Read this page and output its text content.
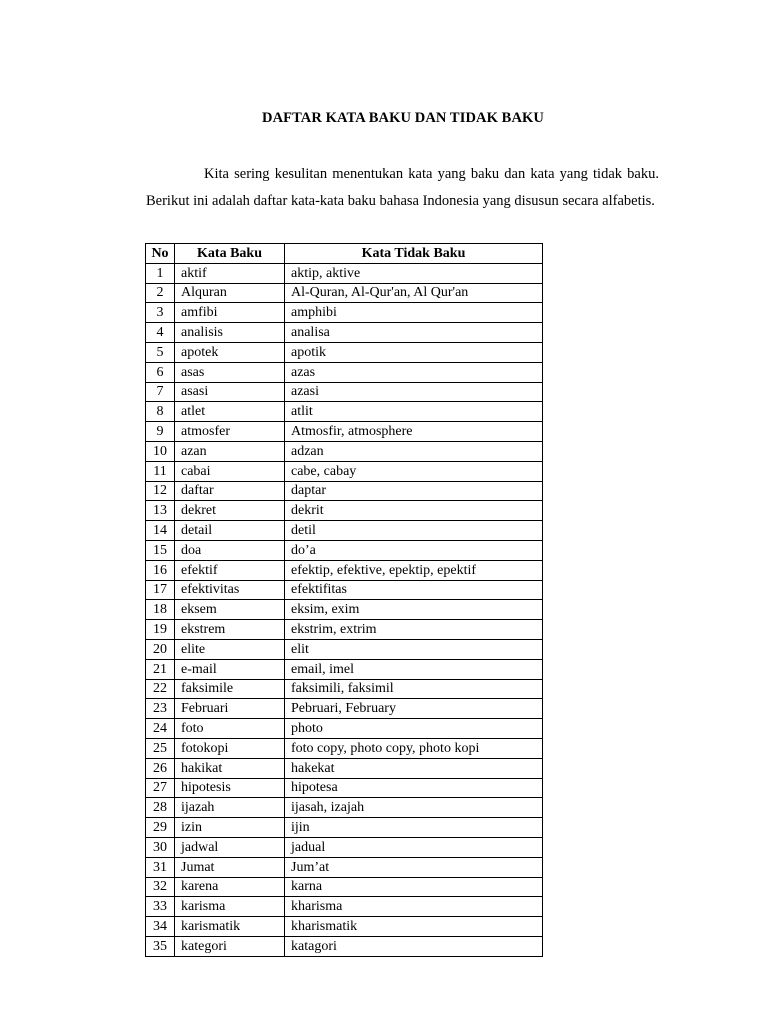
DAFTAR KATA BAKU DAN TIDAK BAKU

Kita sering kesulitan menentukan kata yang baku dan kata yang tidak baku. Berikut ini adalah daftar kata-kata baku bahasa Indonesia yang disusun secara alfabetis.

No	Kata Baku	Kata Tidak Baku
1	aktif	aktip, aktive
2	Alquran	Al-Quran, Al-Qur'an, Al Qur'an
3	amfibi	amphibi
4	analisis	analisa
5	apotek	apotik
6	asas	azas
7	asasi	azasi
8	atlet	atlit
9	atmosfer	Atmosfir, atmosphere
10	azan	adzan
11	cabai	cabe, cabay
12	daftar	daptar
13	dekret	dekrit
14	detail	detil
15	doa	do’a
16	efektif	efektip, efektive, epektip, epektif
17	efektivitas	efektifitas
18	eksem	eksim, exim
19	ekstrem	ekstrim, extrim
20	elite	elit
21	e-mail	email, imel
22	faksimile	faksimili, faksimil
23	Februari	Pebruari, February
24	foto	photo
25	fotokopi	foto copy, photo copy, photo kopi
26	hakikat	hakekat
27	hipotesis	hipotesa
28	ijazah	ijasah, izajah
29	izin	ijin
30	jadwal	jadual
31	Jumat	Jum’at
32	karena	karna
33	karisma	kharisma
34	karismatik	kharismatik
35	kategori	katagori
